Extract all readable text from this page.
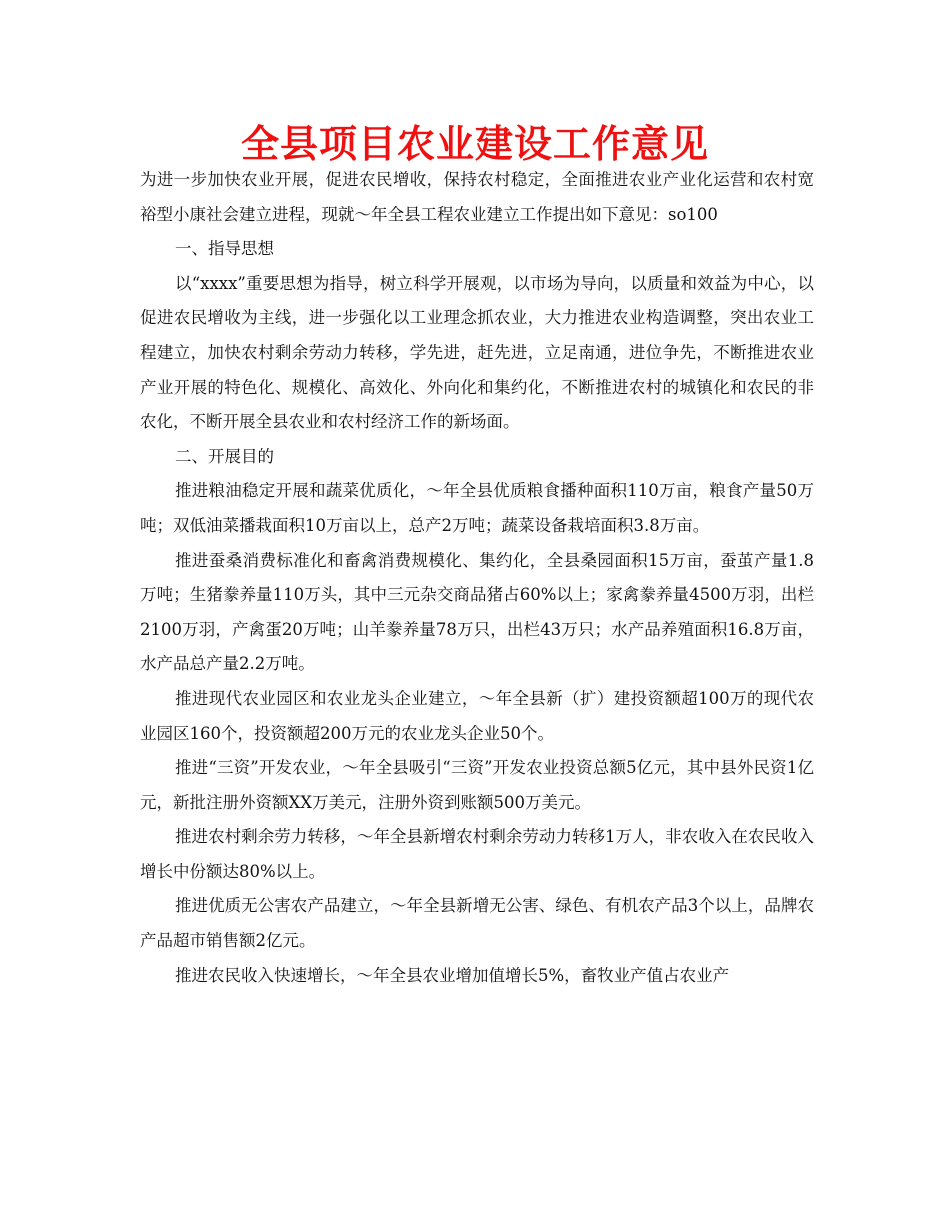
全县项目农业建设工作意见

为进一步加快农业开展，促进农民增收，保持农村稳定，全面推进农业产业化运营和农村宽裕型小康社会建立进程，现就～年全县工程农业建立工作提出如下意见：so100

一、指导思想

以“xxxx”重要思想为指导，树立科学开展观，以市场为导向，以质量和效益为中心，以促进农民增收为主线，进一步强化以工业理念抓农业，大力推进农业构造调整，突出农业工程建立，加快农村剩余劳动力转移，学先进，赶先进，立足南通，进位争先，不断推进农业产业开展的特色化、规模化、高效化、外向化和集约化，不断推进农村的城镇化和农民的非农化，不断开展全县农业和农村经济工作的新场面。

二、开展目的

推进粮油稳定开展和蔬菜优质化，～年全县优质粮食播种面积110万亩，粮食产量50万吨；双低油菜播栽面积10万亩以上，总产2万吨；蔬菜设备栽培面积3.8万亩。

推进蚕桑消费标准化和畜禽消费规模化、集约化，全县桑园面积15万亩，蚕茧产量1.8万吨；生猪豢养量110万头，其中三元杂交商品猪占60%以上；家禽豢养量4500万羽，出栏2100万羽，产禽蛋20万吨；山羊豢养量78万只，出栏43万只；水产品养殖面积16.8万亩，水产品总产量2.2万吨。

推进现代农业园区和农业龙头企业建立，～年全县新（扩）建投资额超100万的现代农业园区160个，投资额超200万元的农业龙头企业50个。

推进“三资”开发农业，～年全县吸引“三资”开发农业投资总额5亿元，其中县外民资1亿元，新批注册外资额XX万美元，注册外资到账额500万美元。

推进农村剩余劳力转移，～年全县新增农村剩余劳动力转移1万人，非农收入在农民收入增长中份额达80%以上。

推进优质无公害农产品建立，～年全县新增无公害、绿色、有机农产品3个以上，品牌农产品超市销售额2亿元。

推进农民收入快速增长，～年全县农业增加值增长5%，畜牧业产值占农业产
